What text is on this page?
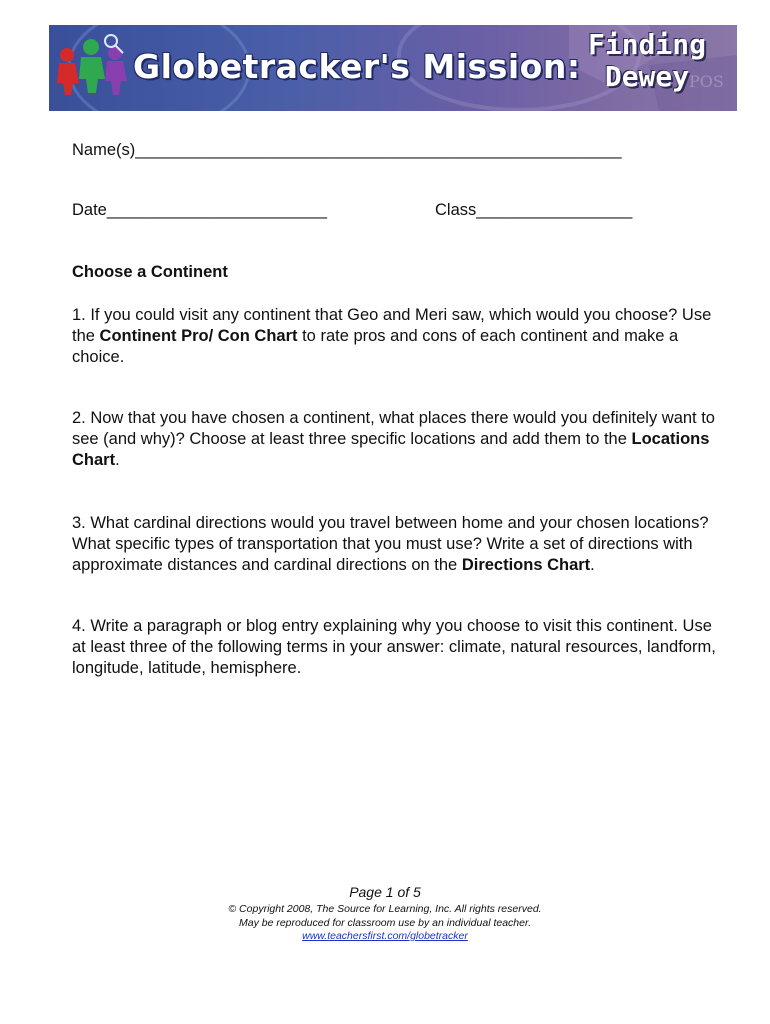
POS
Globetracker's Mission:
Finding
Dewey
Name(s)_____________________________________________________
Date________________________	Class_________________
Choose a Continent
1. If you could visit any continent that Geo and Meri saw, which would you choose? Use the Continent Pro/ Con Chart to rate pros and cons of each continent and make a choice.
2. Now that you have chosen a continent, what places there would you definitely want to see (and why)? Choose at least three specific locations and add them to the Locations Chart.
3. What cardinal directions would you travel between home and your chosen locations? What specific types of transportation that you must use? Write a set of directions with approximate distances and cardinal directions on the Directions Chart.
4. Write a paragraph or blog entry explaining why you choose to visit this continent. Use at least three of the following terms in your answer: climate, natural resources, landform, longitude, latitude, hemisphere.
Page 1 of 5
© Copyright 2008, The Source for Learning, Inc. All rights reserved.
May be reproduced for classroom use by an individual teacher.
www.teachersfirst.com/globetracker
